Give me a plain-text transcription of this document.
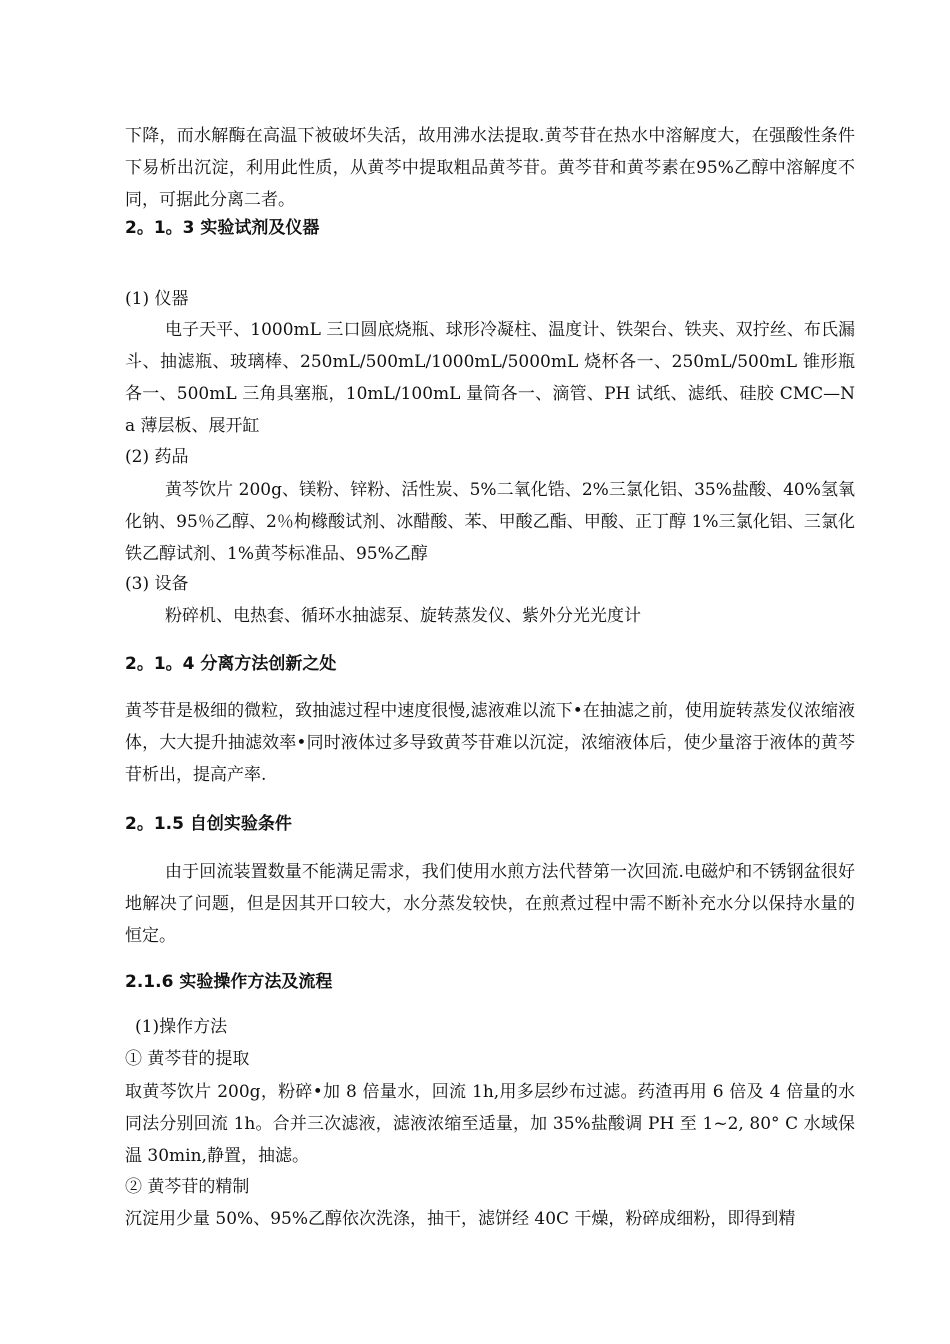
下降，而水解酶在高温下被破坏失活，故用沸水法提取.黄芩苷在热水中溶解度大，在强酸性条件下易析出沉淀，利用此性质，从黄芩中提取粗品黄芩苷。黄芩苷和黄芩素在95%乙醇中溶解度不同，可据此分离二者。

2。1。3 实验试剂及仪器
(1) 仪器

电子天平、1000mL 三口圆底烧瓶、球形冷凝柱、温度计、铁架台、铁夹、双拧丝、布氏漏斗、抽滤瓶、玻璃棒、250mL/500mL/1000mL/5000mL 烧杯各一、250mL/500mL 锥形瓶各一、500mL 三角具塞瓶，10mL/100mL 量筒各一、滴管、PH 试纸、滤纸、硅胶 CMC—Na 薄层板、展开缸

(2) 药品

黄芩饮片 200g、镁粉、锌粉、活性炭、5%二氧化锆、2%三氯化铝、35%盐酸、40%氢氧化钠、95％乙醇、2％枸橼酸试剂、冰醋酸、苯、甲酸乙酯、甲酸、正丁醇 1%三氯化铝、三氯化铁乙醇试剂、1%黄芩标准品、95%乙醇

(3) 设备

粉碎机、电热套、循环水抽滤泵、旋转蒸发仪、紫外分光光度计

2。1。4 分离方法创新之处

黄芩苷是极细的微粒，致抽滤过程中速度很慢,滤液难以流下•在抽滤之前，使用旋转蒸发仪浓缩液体，大大提升抽滤效率•同时液体过多导致黄芩苷难以沉淀，浓缩液体后，使少量溶于液体的黄芩苷析出，提高产率.

2。1.5 自创实验条件

由于回流装置数量不能满足需求，我们使用水煎方法代替第一次回流.电磁炉和不锈钢盆很好地解决了问题，但是因其开口较大，水分蒸发较快，在煎煮过程中需不断补充水分以保持水量的恒定。

2.1.6 实验操作方法及流程
(1)操作方法
① 黄芩苷的提取

取黄芩饮片 200g，粉碎•加 8 倍量水，回流 1h,用多层纱布过滤。药渣再用 6 倍及 4 倍量的水同法分别回流 1h。合并三次滤液，滤液浓缩至适量，加 35%盐酸调 PH 至 1~2, 80° C 水域保温 30min,静置，抽滤。

② 黄芩苷的精制

沉淀用少量 50%、95%乙醇依次洗涤，抽干，滤饼经 40C 干燥，粉碎成细粉，即得到精
